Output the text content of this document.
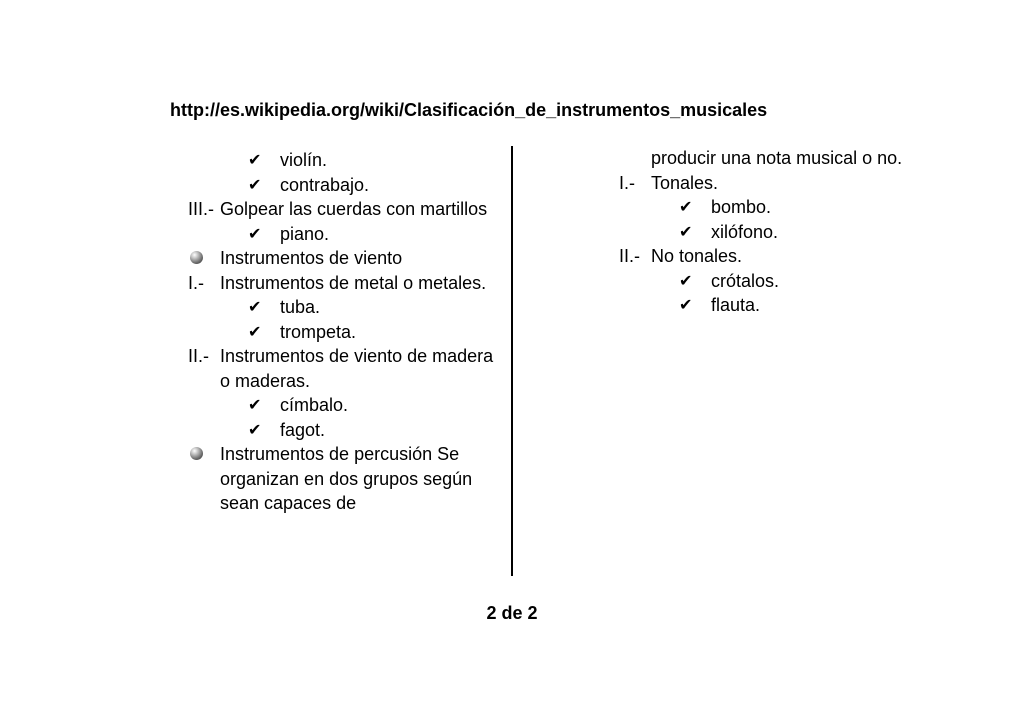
http://es.wikipedia.org/wiki/Clasificación_de_instrumentos_musicales
✔	violín.
✔	contrabajo.
III.- Golpear las cuerdas con martillos
✔	piano.
Instrumentos de viento
I.- Instrumentos de metal o metales.
✔	tuba.
✔	trompeta.
II.- Instrumentos de viento de madera o maderas.
✔	címbalo.
✔	fagot.
Instrumentos de percusión Se organizan en dos grupos según sean capaces de
producir una nota musical o no.
I.- Tonales.
✔	bombo.
✔	xilófono.
II.- No tonales.
✔	crótalos.
✔	flauta.
2 de 2
